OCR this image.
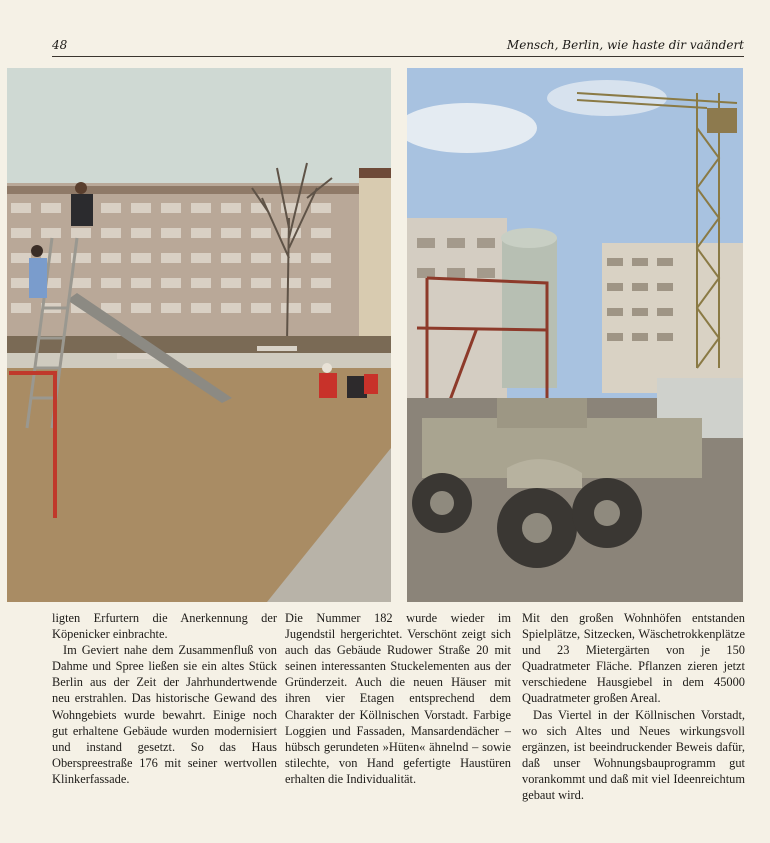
48	Mensch, Berlin, wie haste dir vaändert

ligten Erfurtern die Anerkennung der Köpenicker einbrachte.

Im Geviert nahe dem Zusammenfluß von Dahme und Spree ließen sie ein altes Stück Berlin aus der Zeit der Jahrhundertwende neu erstrahlen. Das historische Gewand des Wohngebiets wurde bewahrt. Einige noch gut erhaltene Gebäude wurden modernisiert und instand gesetzt. So das Haus Oberspreestraße 176 mit seiner wertvollen Klinkerfassade.

Die Nummer 182 wurde wieder im Jugendstil hergerichtet. Verschönt zeigt sich auch das Gebäude Rudower Straße 20 mit seinen interessanten Stuckelementen aus der Gründerzeit. Auch die neuen Häuser mit ihren vier Etagen entsprechend dem Charakter der Köllnischen Vorstadt. Farbige Loggien und Fassaden, Mansardendächer – hübsch gerundeten »Hüten« ähnelnd – sowie stilechte, von Hand gefertigte Haustüren erhalten die Individualität.

Mit den großen Wohnhöfen entstanden Spielplätze, Sitzecken, Wäschetrokkenplätze und 23 Mietergärten von je 150 Quadratmeter Fläche. Pflanzen zieren jetzt verschiedene Hausgiebel in dem 45000 Quadratmeter großen Areal.

Das Viertel in der Köllnischen Vorstadt, wo sich Altes und Neues wirkungsvoll ergänzen, ist beeindruckender Beweis dafür, daß unser Wohnungsbauprogramm gut vorankommt und daß mit viel Ideenreichtum gebaut wird.
